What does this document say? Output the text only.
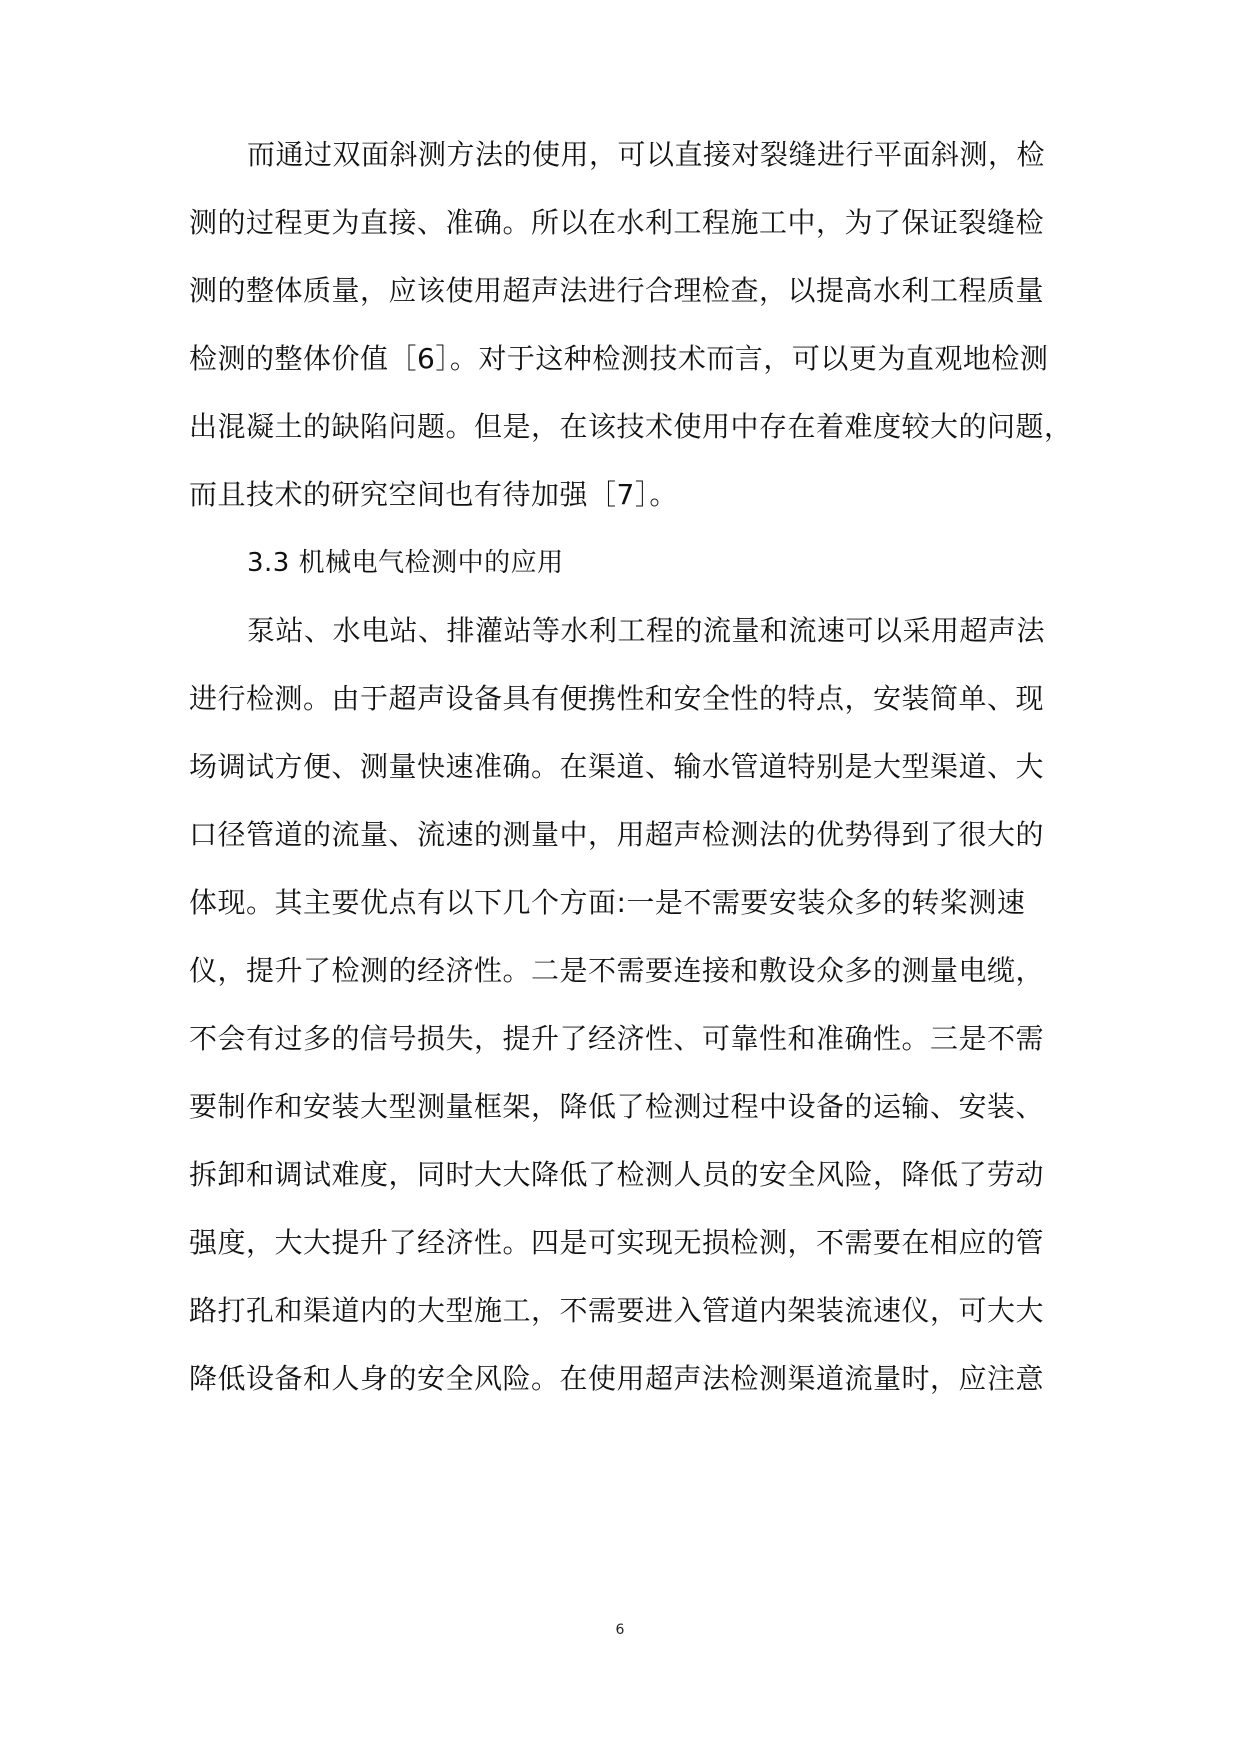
而通过双面斜测方法的使用，可以直接对裂缝进行平面斜测，检
测的过程更为直接、准确。所以在水利工程施工中，为了保证裂缝检
测的整体质量，应该使用超声法进行合理检查，以提高水利工程质量
检测的整体价值［6］。对于这种检测技术而言，可以更为直观地检测
出混凝土的缺陷问题。但是，在该技术使用中存在着难度较大的问题，
而且技术的研究空间也有待加强［7］。
3.3 机械电气检测中的应用
泵站、水电站、排灌站等水利工程的流量和流速可以采用超声法
进行检测。由于超声设备具有便携性和安全性的特点，安装简单、现
场调试方便、测量快速准确。在渠道、输水管道特别是大型渠道、大
口径管道的流量、流速的测量中，用超声检测法的优势得到了很大的
体现。其主要优点有以下几个方面:一是不需要安装众多的转桨测速
仪，提升了检测的经济性。二是不需要连接和敷设众多的测量电缆，
不会有过多的信号损失，提升了经济性、可靠性和准确性。三是不需
要制作和安装大型测量框架，降低了检测过程中设备的运输、安装、
拆卸和调试难度，同时大大降低了检测人员的安全风险，降低了劳动
强度，大大提升了经济性。四是可实现无损检测，不需要在相应的管
路打孔和渠道内的大型施工，不需要进入管道内架装流速仪，可大大
降低设备和人身的安全风险。在使用超声法检测渠道流量时，应注意
6
